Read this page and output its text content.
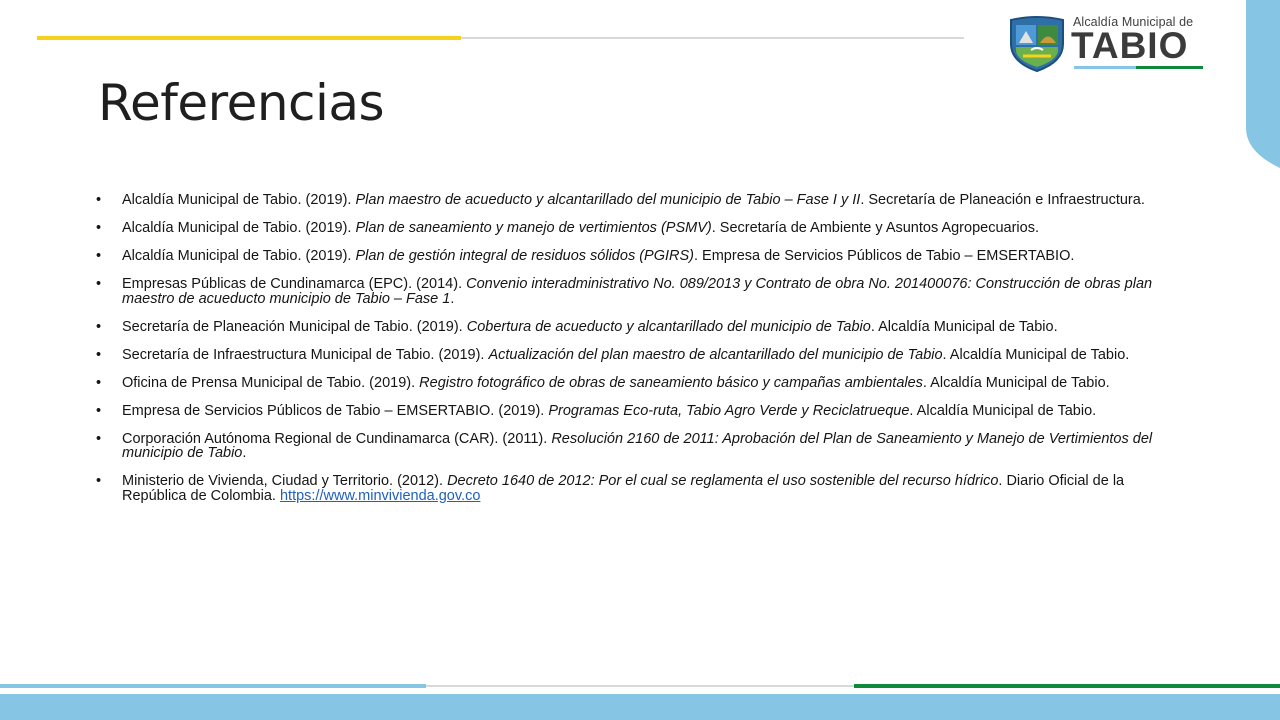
Alcaldía Municipal de
TABIO
Referencias
• Alcaldía Municipal de Tabio. (2019). Plan maestro de acueducto y alcantarillado del municipio de Tabio – Fase I y II. Secretaría de Planeación e Infraestructura.
• Alcaldía Municipal de Tabio. (2019). Plan de saneamiento y manejo de vertimientos (PSMV). Secretaría de Ambiente y Asuntos Agropecuarios.
• Alcaldía Municipal de Tabio. (2019). Plan de gestión integral de residuos sólidos (PGIRS). Empresa de Servicios Públicos de Tabio – EMSERTABIO.
• Empresas Públicas de Cundinamarca (EPC). (2014). Convenio interadministrativo No. 089/2013 y Contrato de obra No. 201400076: Construcción de obras plan maestro de acueducto municipio de Tabio – Fase 1.
• Secretaría de Planeación Municipal de Tabio. (2019). Cobertura de acueducto y alcantarillado del municipio de Tabio. Alcaldía Municipal de Tabio.
• Secretaría de Infraestructura Municipal de Tabio. (2019). Actualización del plan maestro de alcantarillado del municipio de Tabio. Alcaldía Municipal de Tabio.
• Oficina de Prensa Municipal de Tabio. (2019). Registro fotográfico de obras de saneamiento básico y campañas ambientales. Alcaldía Municipal de Tabio.
• Empresa de Servicios Públicos de Tabio – EMSERTABIO. (2019). Programas Eco-ruta, Tabio Agro Verde y Reciclatrueque. Alcaldía Municipal de Tabio.
• Corporación Autónoma Regional de Cundinamarca (CAR). (2011). Resolución 2160 de 2011: Aprobación del Plan de Saneamiento y Manejo de Vertimientos del municipio de Tabio.
• Ministerio de Vivienda, Ciudad y Territorio. (2012). Decreto 1640 de 2012: Por el cual se reglamenta el uso sostenible del recurso hídrico. Diario Oficial de la República de Colombia. https://www.minvivienda.gov.co
